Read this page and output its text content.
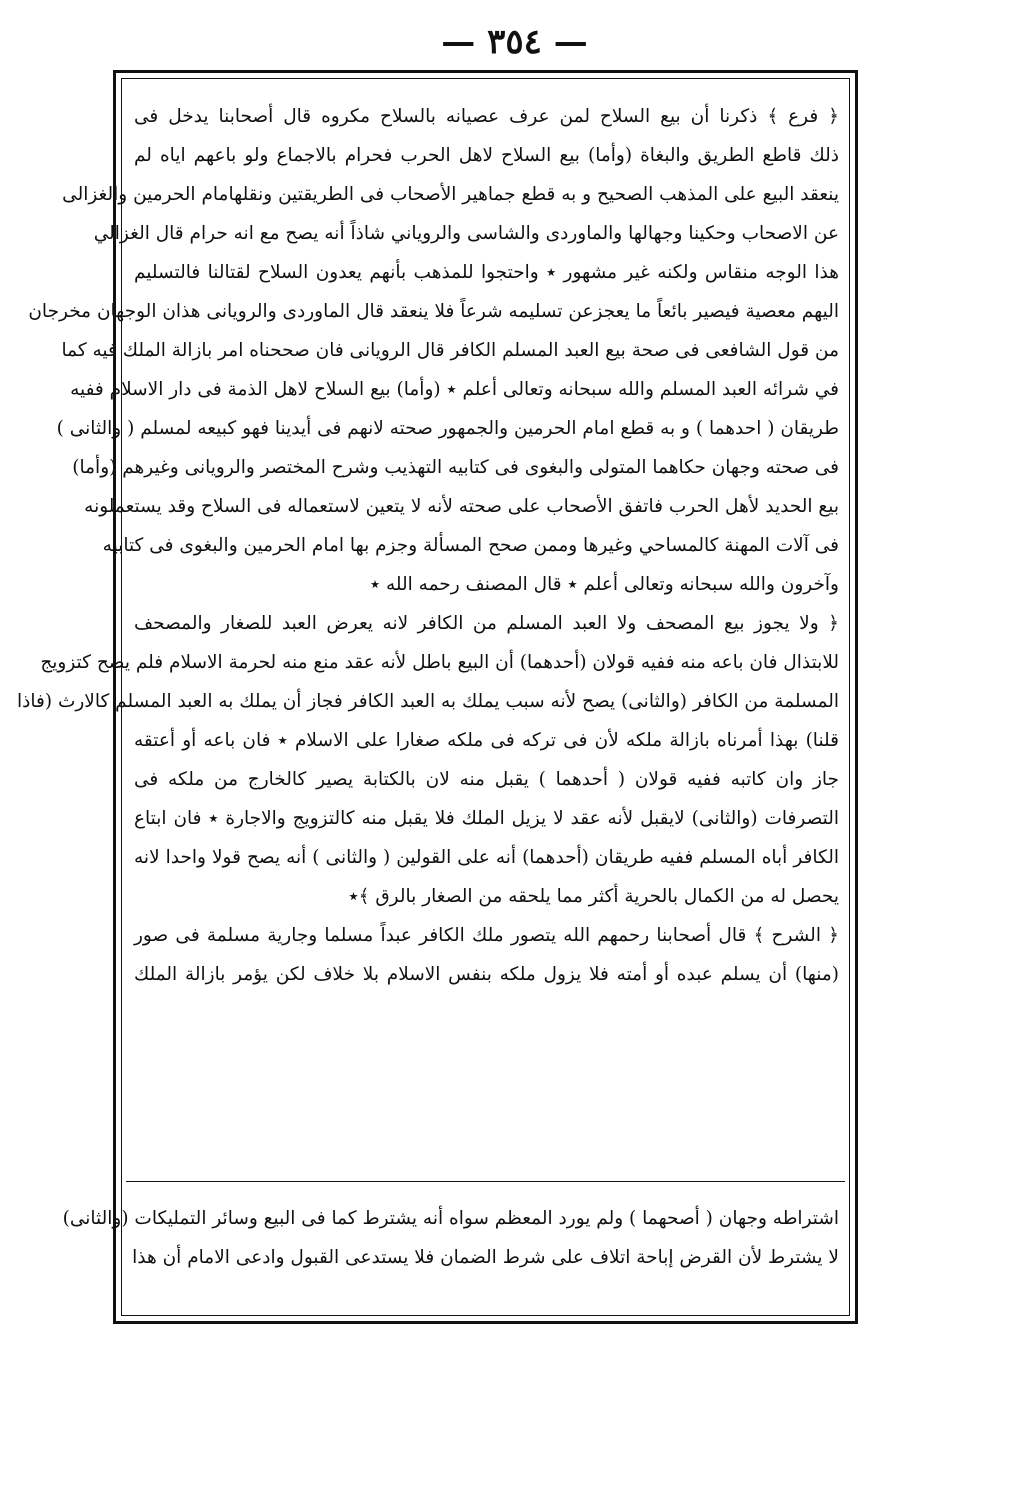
— ٣٥٤ —
﴿ فرع ﴾ ذكرنا أن بيع السلاح لمن عرف عصيانه بالسلاح مكروه قال أصحابنا يدخل فى
ذلك قاطع الطريق والبغاة (وأما) بيع السلاح لاهل الحرب فحرام بالاجماع ولو باعهم اياه لم
ينعقد البيع على المذهب الصحيح و به قطع جماهير الأصحاب فى الطريقتين ونقلهامام الحرمين والغزالى
عن الاصحاب وحكينا وجهالها والماوردى والشاسى والروياني شاذاً أنه يصح مع انه حرام قال الغزالي
هذا الوجه منقاس ولكنه غير مشهور ٭ واحتجوا للمذهب بأنهم يعدون السلاح لقتالنا فالتسليم
اليهم معصية فيصير بائعاً ما يعجزعن تسليمه شرعاً فلا ينعقد قال الماوردى والرويانى هذان الوجهان مخرجان
من قول الشافعى فى صحة بيع العبد المسلم الكافر قال الرويانى فان صححناه امر بازالة الملك فيه كما
في شرائه العبد المسلم والله سبحانه وتعالى أعلم ٭ (وأما) بيع السلاح لاهل الذمة فى دار الاسلام ففيه
طريقان ( احدهما ) و به قطع امام الحرمين والجمهور صحته لانهم فى أيدينا فهو كبيعه لمسلم ( والثانى )
فى صحته وجهان حكاهما المتولى والبغوى فى كتابيه التهذيب وشرح المختصر والرويانى وغيرهم (وأما)
بيع الحديد لأهل الحرب فاتفق الأصحاب على صحته لأنه لا يتعين لاستعماله فى السلاح وقد يستعملونه
فى آلات المهنة كالمساحي وغيرها وممن صحح المسألة وجزم بها امام الحرمين والبغوى فى كتابيه
وآخرون والله سبحانه وتعالى أعلم ٭ قال المصنف رحمه الله ٭
﴿ ولا يجوز بيع المصحف ولا العبد المسلم من الكافر لانه يعرض العبد للصغار والمصحف
للابتذال فان باعه منه ففيه قولان (أحدهما) أن البيع باطل لأنه عقد منع منه لحرمة الاسلام فلم يصح كتزويج
المسلمة من الكافر (والثانى) يصح لأنه سبب يملك به العبد الكافر فجاز أن يملك به العبد المسلم كالارث (فاذا
قلنا) بهذا أمرناه بازالة ملكه لأن فى تركه فى ملكه صغارا على الاسلام ٭ فان باعه أو أعتقه
جاز وان كاتبه ففيه قولان ( أحدهما ) يقبل منه لان بالكتابة يصير كالخارج من ملكه فى
التصرفات (والثانى) لايقبل لأنه عقد لا يزيل الملك فلا يقبل منه كالتزويج والاجارة ٭ فان ابتاع
الكافر أباه المسلم ففيه طريقان (أحدهما) أنه على القولين ( والثانى ) أنه يصح قولا واحدا لانه
يحصل له من الكمال بالحرية أكثر مما يلحقه من الصغار بالرق ﴾٭
﴿ الشرح ﴾ قال أصحابنا رحمهم الله يتصور ملك الكافر عبداً مسلما وجارية مسلمة فى صور
(منها) أن يسلم عبده أو أمته فلا يزول ملكه بنفس الاسلام بلا خلاف لكن يؤمر بازالة الملك
اشتراطه وجهان ( أصحهما ) ولم يورد المعظم سواه أنه يشترط كما فى البيع وسائر التمليكات (والثانى)
لا يشترط لأن القرض إباحة اتلاف على شرط الضمان فلا يستدعى القبول وادعى الامام أن هذا
